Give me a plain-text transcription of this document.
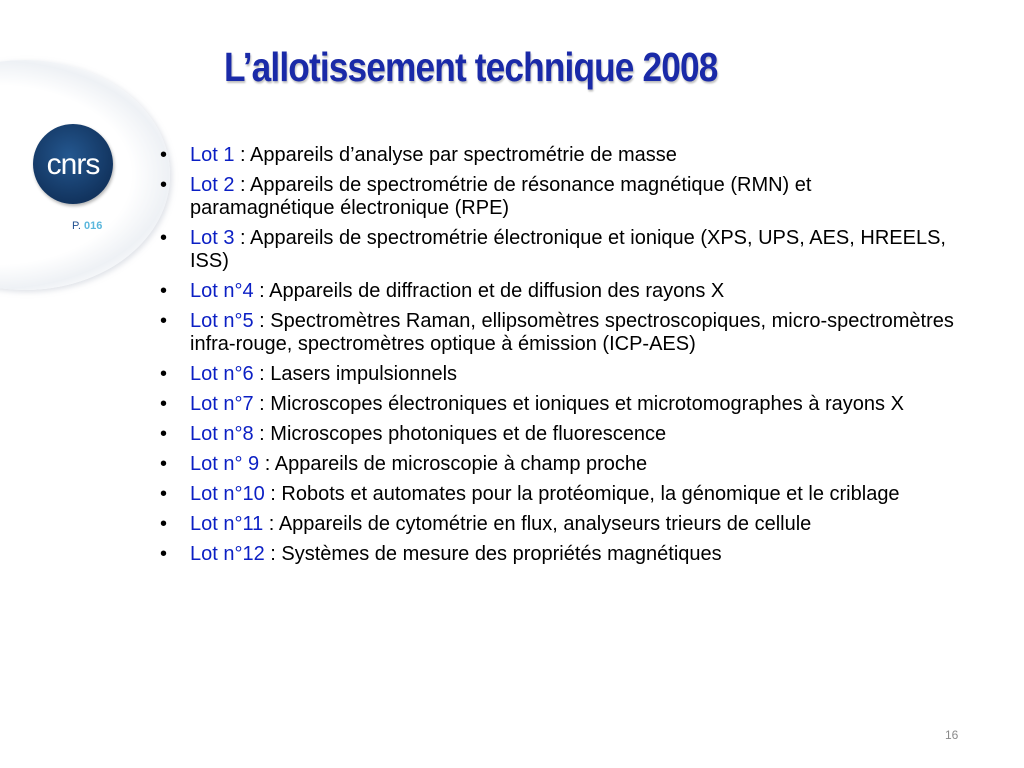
cnrs
P. 016
L’allotissement technique 2008
• Lot 1 : Appareils d’analyse par spectrométrie de masse
• Lot 2 : Appareils de spectrométrie de résonance magnétique (RMN) et paramagnétique électronique (RPE)
• Lot 3 : Appareils de spectrométrie électronique et ionique (XPS, UPS, AES, HREELS, ISS)
• Lot n°4 : Appareils de diffraction et de diffusion des rayons X
• Lot n°5 : Spectromètres Raman, ellipsomètres spectroscopiques, micro-spectromètres infra-rouge, spectromètres optique à émission (ICP-AES)
• Lot n°6 : Lasers impulsionnels
• Lot n°7 : Microscopes électroniques et ioniques et microtomographes à rayons X
• Lot n°8 : Microscopes photoniques et de fluorescence
• Lot n° 9 : Appareils de microscopie à champ proche
• Lot n°10 : Robots et automates pour la protéomique, la génomique et le criblage
• Lot n°11 : Appareils de cytométrie en flux, analyseurs trieurs de cellule
• Lot n°12 : Systèmes de mesure des propriétés magnétiques
16
